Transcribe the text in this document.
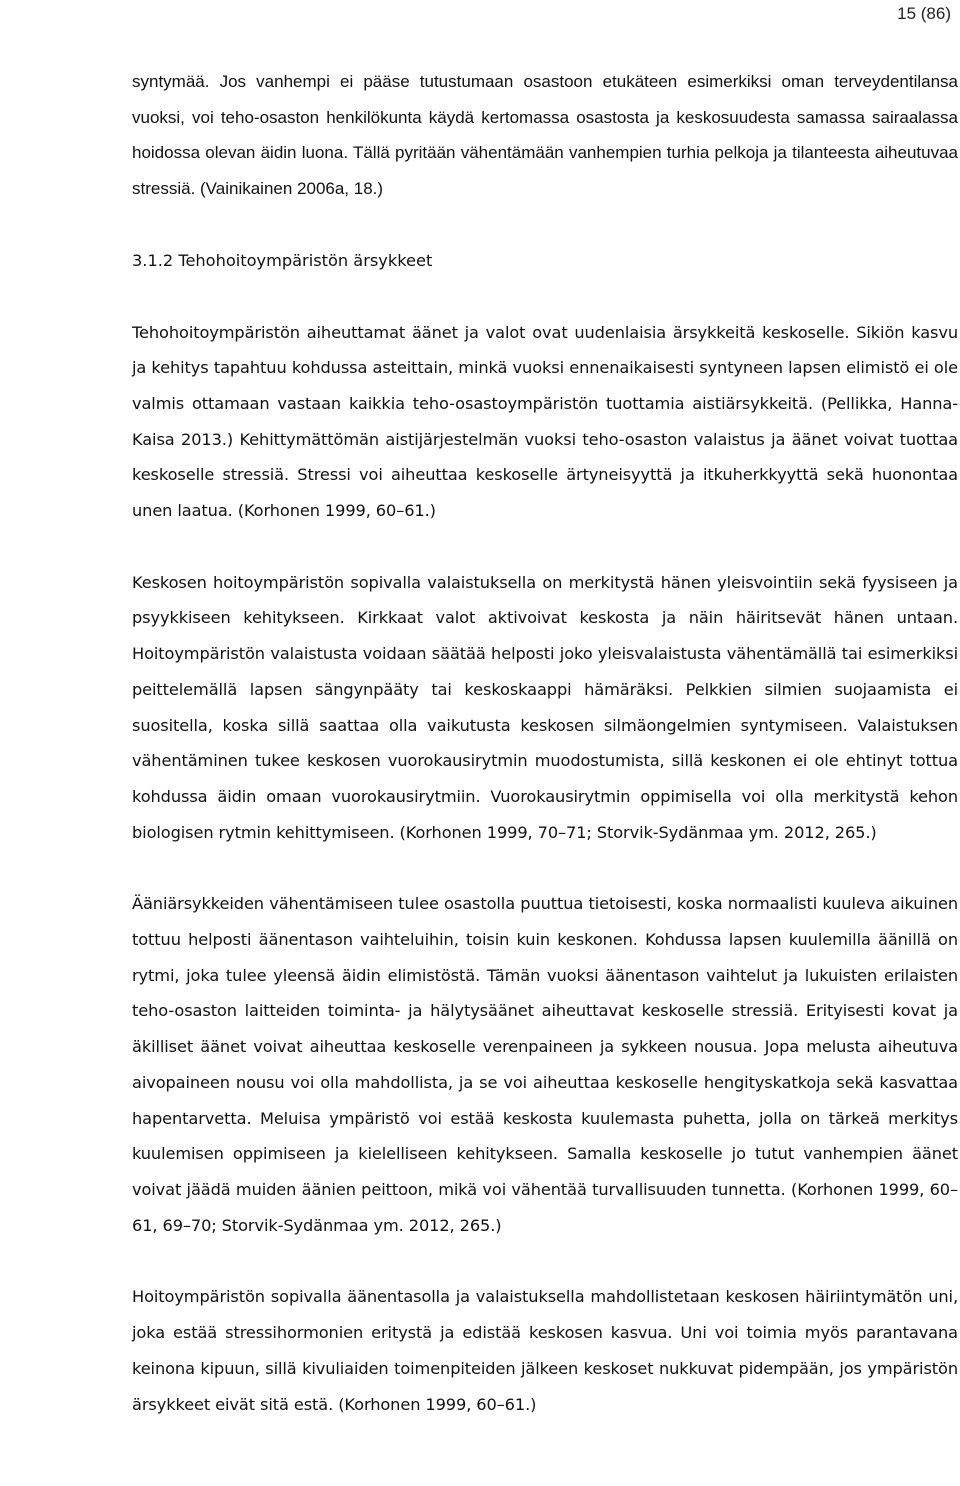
15 (86)

syntymää. Jos vanhempi ei pääse tutustumaan osastoon etukäteen esimerkiksi oman terveydentilansa vuoksi, voi teho-osaston henkilökunta käydä kertomassa osastosta ja keskosuudesta samassa sairaalassa hoidossa olevan äidin luona. Tällä pyritään vähentämään vanhempien turhia pelkoja ja tilanteesta aiheutuvaa stressiä. (Vainikainen 2006a, 18.)

3.1.2 Tehohoitoympäristön ärsykkeet

Tehohoitoympäristön aiheuttamat äänet ja valot ovat uudenlaisia ärsykkeitä keskoselle. Sikiön kasvu ja kehitys tapahtuu kohdussa asteittain, minkä vuoksi ennenaikaisesti syntyneen lapsen elimistö ei ole valmis ottamaan vastaan kaikkia teho-osastoympäristön tuottamia aistiärsykkeitä. (Pellikka, Hanna-Kaisa 2013.) Kehittymättömän aistijärjestelmän vuoksi teho-osaston valaistus ja äänet voivat tuottaa keskoselle stressiä. Stressi voi aiheuttaa keskoselle ärtyneisyyttä ja itkuherkkyyttä sekä huonontaa unen laatua. (Korhonen 1999, 60–61.)

Keskosen hoitoympäristön sopivalla valaistuksella on merkitystä hänen yleisvointiin sekä fyysiseen ja psyykkiseen kehitykseen. Kirkkaat valot aktivoivat keskosta ja näin häiritsevät hänen untaan. Hoitoympäristön valaistusta voidaan säätää helposti joko yleisvalaistusta vähentämällä tai esimerkiksi peittelemällä lapsen sängynpääty tai keskoskaappi hämäräksi. Pelkkien silmien suojaamista ei suositella, koska sillä saattaa olla vaikutusta keskosen silmäongelmien syntymiseen. Valaistuksen vähentäminen tukee keskosen vuorokausirytmin muodostumista, sillä keskonen ei ole ehtinyt tottua kohdussa äidin omaan vuorokausirytmiin. Vuorokausirytmin oppimisella voi olla merkitystä kehon biologisen rytmin kehittymiseen. (Korhonen 1999, 70–71; Storvik-Sydänmaa ym. 2012, 265.)

Ääniärsykkeiden vähentämiseen tulee osastolla puuttua tietoisesti, koska normaalisti kuuleva aikuinen tottuu helposti äänentason vaihteluihin, toisin kuin keskonen. Kohdussa lapsen kuulemilla äänillä on rytmi, joka tulee yleensä äidin elimistöstä. Tämän vuoksi äänentason vaihtelut ja lukuisten erilaisten teho-osaston laitteiden toiminta- ja hälytysäänet aiheuttavat keskoselle stressiä. Erityisesti kovat ja äkilliset äänet voivat aiheuttaa keskoselle verenpaineen ja sykkeen nousua. Jopa melusta aiheutuva aivopaineen nousu voi olla mahdollista, ja se voi aiheuttaa keskoselle hengityskatkoja sekä kasvattaa hapentarvetta. Meluisa ympäristö voi estää keskosta kuulemasta puhetta, jolla on tärkeä merkitys kuulemisen oppimiseen ja kielelliseen kehitykseen. Samalla keskoselle jo tutut vanhempien äänet voivat jäädä muiden äänien peittoon, mikä voi vähentää turvallisuuden tunnetta. (Korhonen 1999, 60–61, 69–70; Storvik-Sydänmaa ym. 2012, 265.)

Hoitoympäristön sopivalla äänentasolla ja valaistuksella mahdollistetaan keskosen häiriintymätön uni, joka estää stressihormonien eritystä ja edistää keskosen kasvua. Uni voi toimia myös parantavana keinona kipuun, sillä kivuliaiden toimenpiteiden jälkeen keskoset nukkuvat pidempään, jos ympäristön ärsykkeet eivät sitä estä. (Korhonen 1999, 60–61.)
